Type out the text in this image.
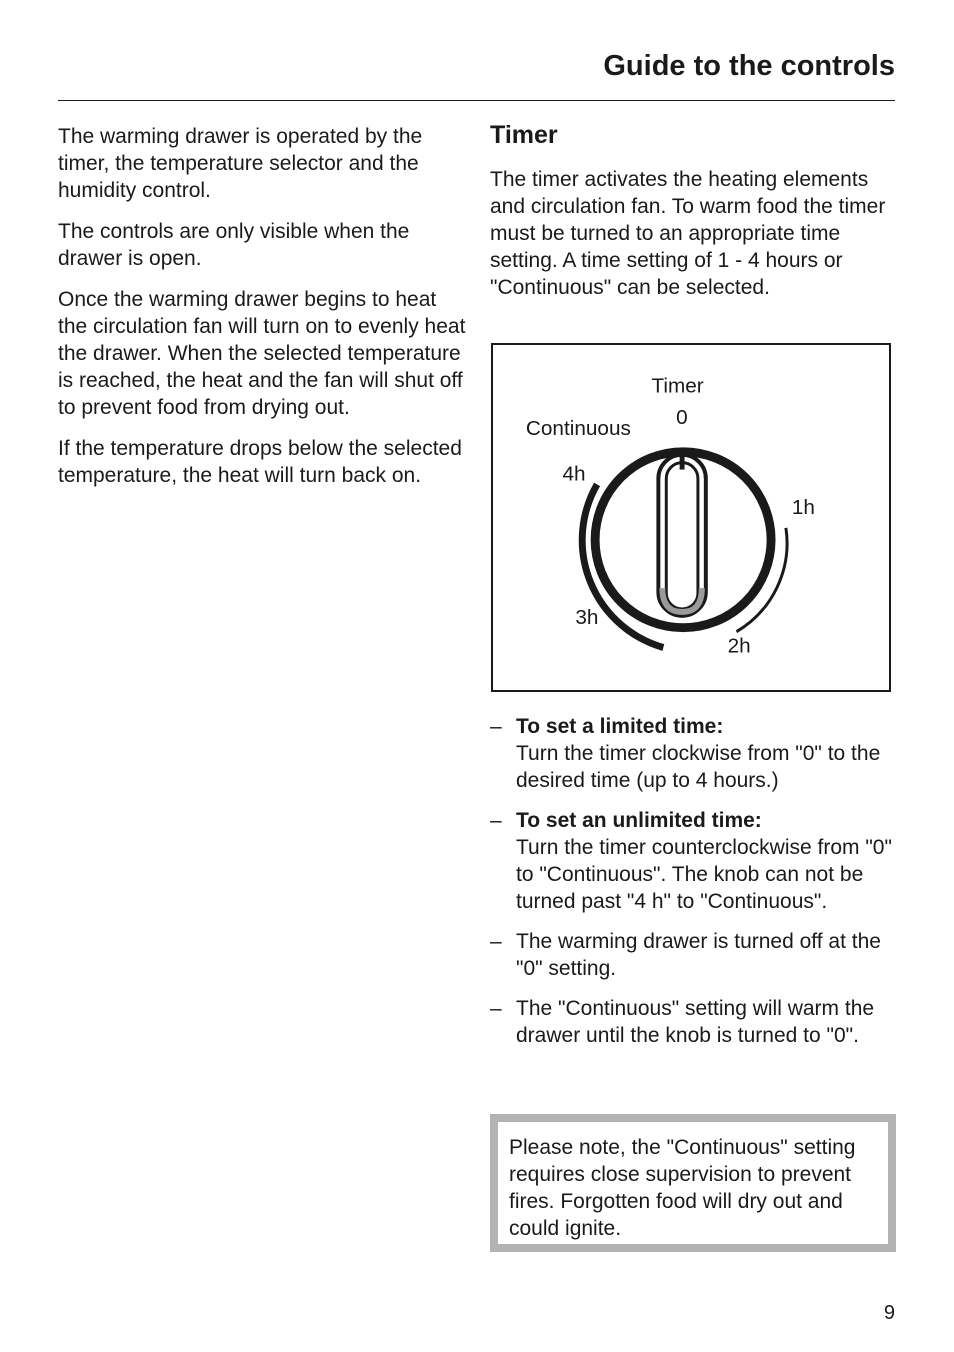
Guide to the controls

The warming drawer is operated by the timer, the temperature selector and the humidity control.

The controls are only visible when the drawer is open.

Once the warming drawer begins to heat the circulation fan will turn on to evenly heat the drawer. When the selected temperature is reached, the heat and the fan will shut off to prevent food from drying out.

If the temperature drops below the selected temperature, the heat will turn back on.

Timer

The timer activates the heating elements and circulation fan. To warm food the timer must be turned to an appropriate time setting. A time setting of 1 - 4 hours or "Continuous" can be selected.

Timer
0
Continuous
4h
1h
3h
2h
– To set a limited time:
Turn the timer clockwise from "0" to the desired time (up to 4 hours.)
– To set an unlimited time:
Turn the timer counterclockwise from "0" to "Continuous". The knob can not be turned past "4 h" to "Continuous".
– The warming drawer is turned off at the "0" setting.
– The "Continuous" setting will warm the drawer until the knob is turned to "0".
Please note, the "Continuous" setting requires close supervision to prevent fires. Forgotten food will dry out and could ignite.
9
